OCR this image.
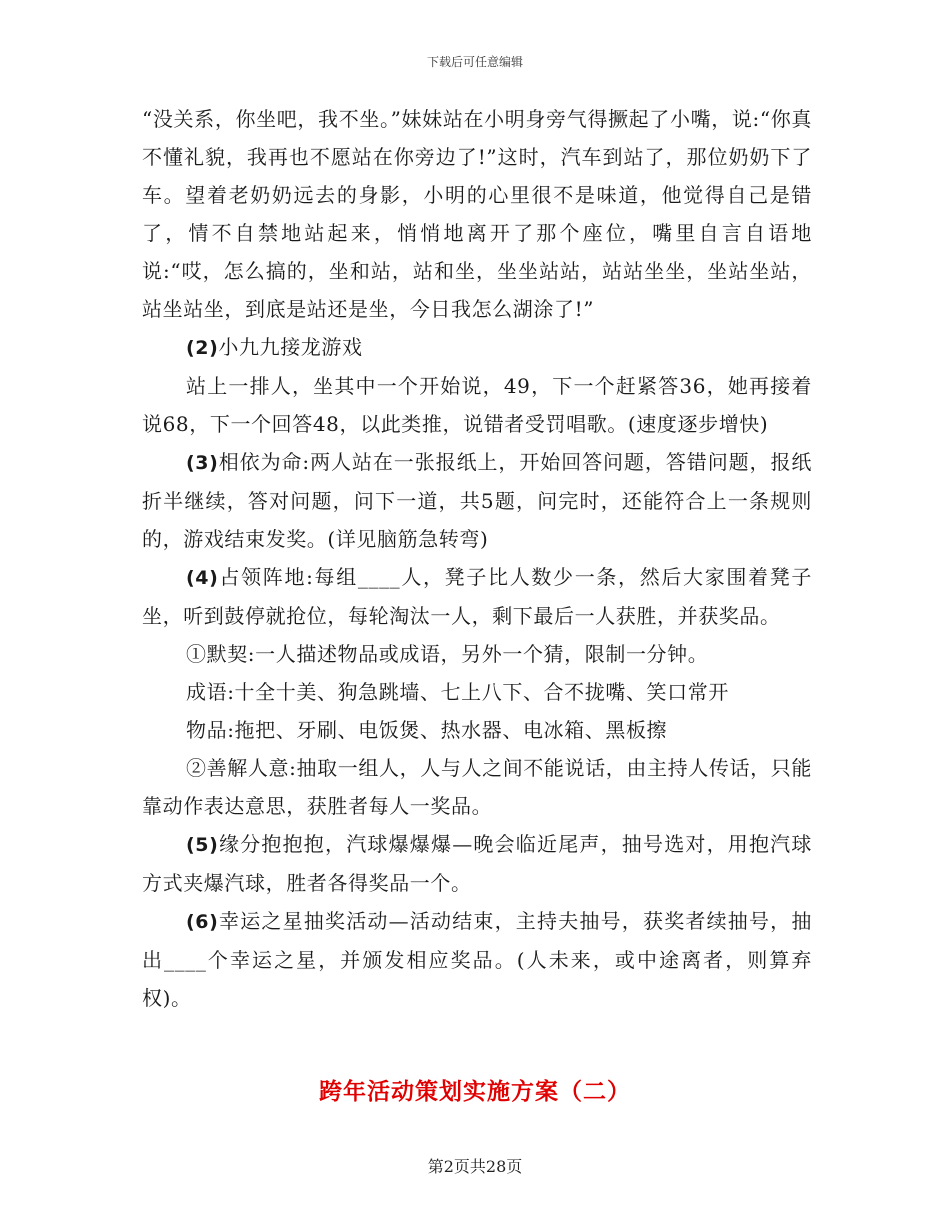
下载后可任意编辑

“没关系，你坐吧，我不坐。”妹妹站在小明身旁气得撅起了小嘴，说:“你真不懂礼貌，我再也不愿站在你旁边了!”这时，汽车到站了，那位奶奶下了车。望着老奶奶远去的身影，小明的心里很不是味道，他觉得自己是错了，情不自禁地站起来，悄悄地离开了那个座位，嘴里自言自语地说:“哎，怎么搞的，坐和站，站和坐，坐坐站站，站站坐坐，坐站坐站，站坐站坐，到底是站还是坐，今日我怎么湖涂了!”

(2)小九九接龙游戏

站上一排人，坐其中一个开始说，49，下一个赶紧答36，她再接着说68，下一个回答48，以此类推，说错者受罚唱歌。(速度逐步增快)

(3)相依为命:两人站在一张报纸上，开始回答问题，答错问题，报纸折半继续，答对问题，问下一道，共5题，问完时，还能符合上一条规则的，游戏结束发奖。(详见脑筋急转弯)

(4)占领阵地:每组____人，凳子比人数少一条，然后大家围着凳子坐，听到鼓停就抢位，每轮淘汰一人，剩下最后一人获胜，并获奖品。

①默契:一人描述物品或成语，另外一个猜，限制一分钟。

成语:十全十美、狗急跳墙、七上八下、合不拢嘴、笑口常开

物品:拖把、牙刷、电饭煲、热水器、电冰箱、黑板擦

②善解人意:抽取一组人，人与人之间不能说话，由主持人传话，只能靠动作表达意思，获胜者每人一奖品。

(5)缘分抱抱抱，汽球爆爆爆—晚会临近尾声，抽号选对，用抱汽球方式夹爆汽球，胜者各得奖品一个。

(6)幸运之星抽奖活动—活动结束，主持夫抽号，获奖者续抽号，抽出____个幸运之星，并颁发相应奖品。(人未来，或中途离者，则算弃权)。

跨年活动策划实施方案（二）
第2页共28页
